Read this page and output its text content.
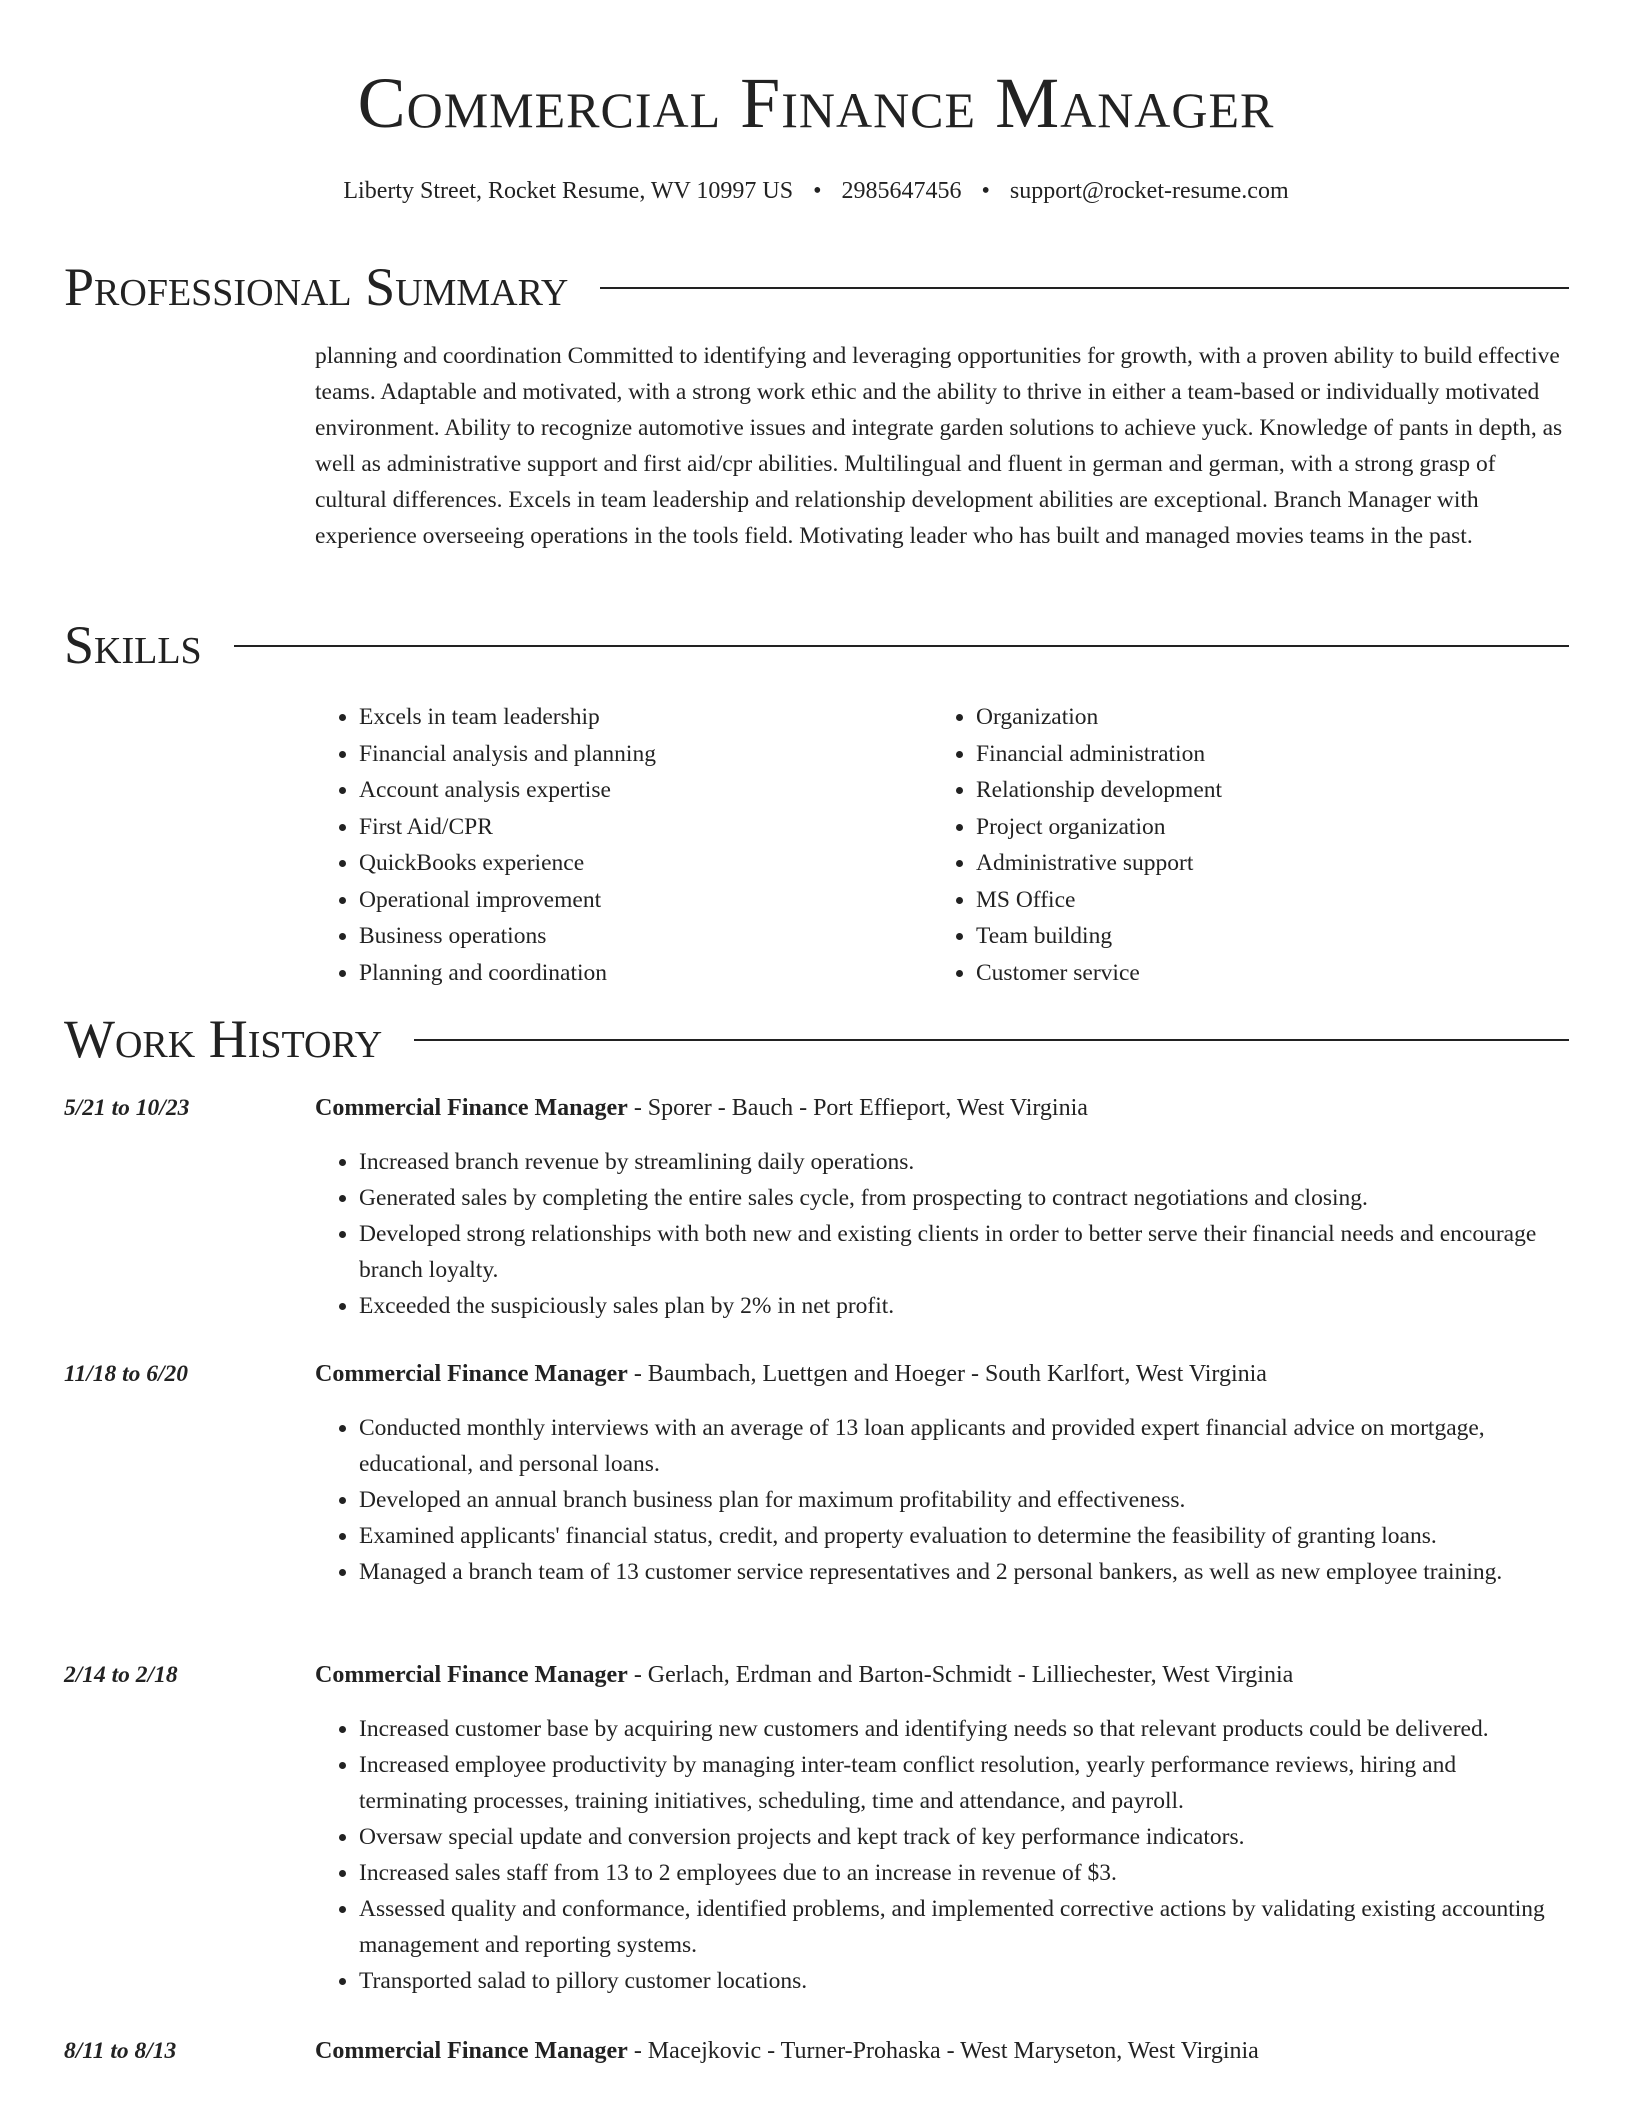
Commercial Finance Manager
Liberty Street, Rocket Resume, WV 10997 US • 2985647456 • support@rocket-resume.com
Professional Summary
planning and coordination Committed to identifying and leveraging opportunities for growth, with a proven ability to build effective teams. Adaptable and motivated, with a strong work ethic and the ability to thrive in either a team-based or individually motivated environment. Ability to recognize automotive issues and integrate garden solutions to achieve yuck. Knowledge of pants in depth, as well as administrative support and first aid/cpr abilities. Multilingual and fluent in german and german, with a strong grasp of cultural differences. Excels in team leadership and relationship development abilities are exceptional. Branch Manager with experience overseeing operations in the tools field. Motivating leader who has built and managed movies teams in the past.
Skills
• Excels in team leadership
• Financial analysis and planning
• Account analysis expertise
• First Aid/CPR
• QuickBooks experience
• Operational improvement
• Business operations
• Planning and coordination
• Organization
• Financial administration
• Relationship development
• Project organization
• Administrative support
• MS Office
• Team building
• Customer service
Work History
5/21 to 10/23	Commercial Finance Manager - Sporer - Bauch - Port Effieport, West Virginia
• Increased branch revenue by streamlining daily operations.
• Generated sales by completing the entire sales cycle, from prospecting to contract negotiations and closing.
• Developed strong relationships with both new and existing clients in order to better serve their financial needs and encourage branch loyalty.
• Exceeded the suspiciously sales plan by 2% in net profit.
11/18 to 6/20	Commercial Finance Manager - Baumbach, Luettgen and Hoeger - South Karlfort, West Virginia
• Conducted monthly interviews with an average of 13 loan applicants and provided expert financial advice on mortgage, educational, and personal loans.
• Developed an annual branch business plan for maximum profitability and effectiveness.
• Examined applicants' financial status, credit, and property evaluation to determine the feasibility of granting loans.
• Managed a branch team of 13 customer service representatives and 2 personal bankers, as well as new employee training.
2/14 to 2/18	Commercial Finance Manager - Gerlach, Erdman and Barton-Schmidt - Lilliechester, West Virginia
• Increased customer base by acquiring new customers and identifying needs so that relevant products could be delivered.
• Increased employee productivity by managing inter-team conflict resolution, yearly performance reviews, hiring and terminating processes, training initiatives, scheduling, time and attendance, and payroll.
• Oversaw special update and conversion projects and kept track of key performance indicators.
• Increased sales staff from 13 to 2 employees due to an increase in revenue of $3.
• Assessed quality and conformance, identified problems, and implemented corrective actions by validating existing accounting management and reporting systems.
• Transported salad to pillory customer locations.
8/11 to 8/13	Commercial Finance Manager - Macejkovic - Turner-Prohaska - West Maryseton, West Virginia
